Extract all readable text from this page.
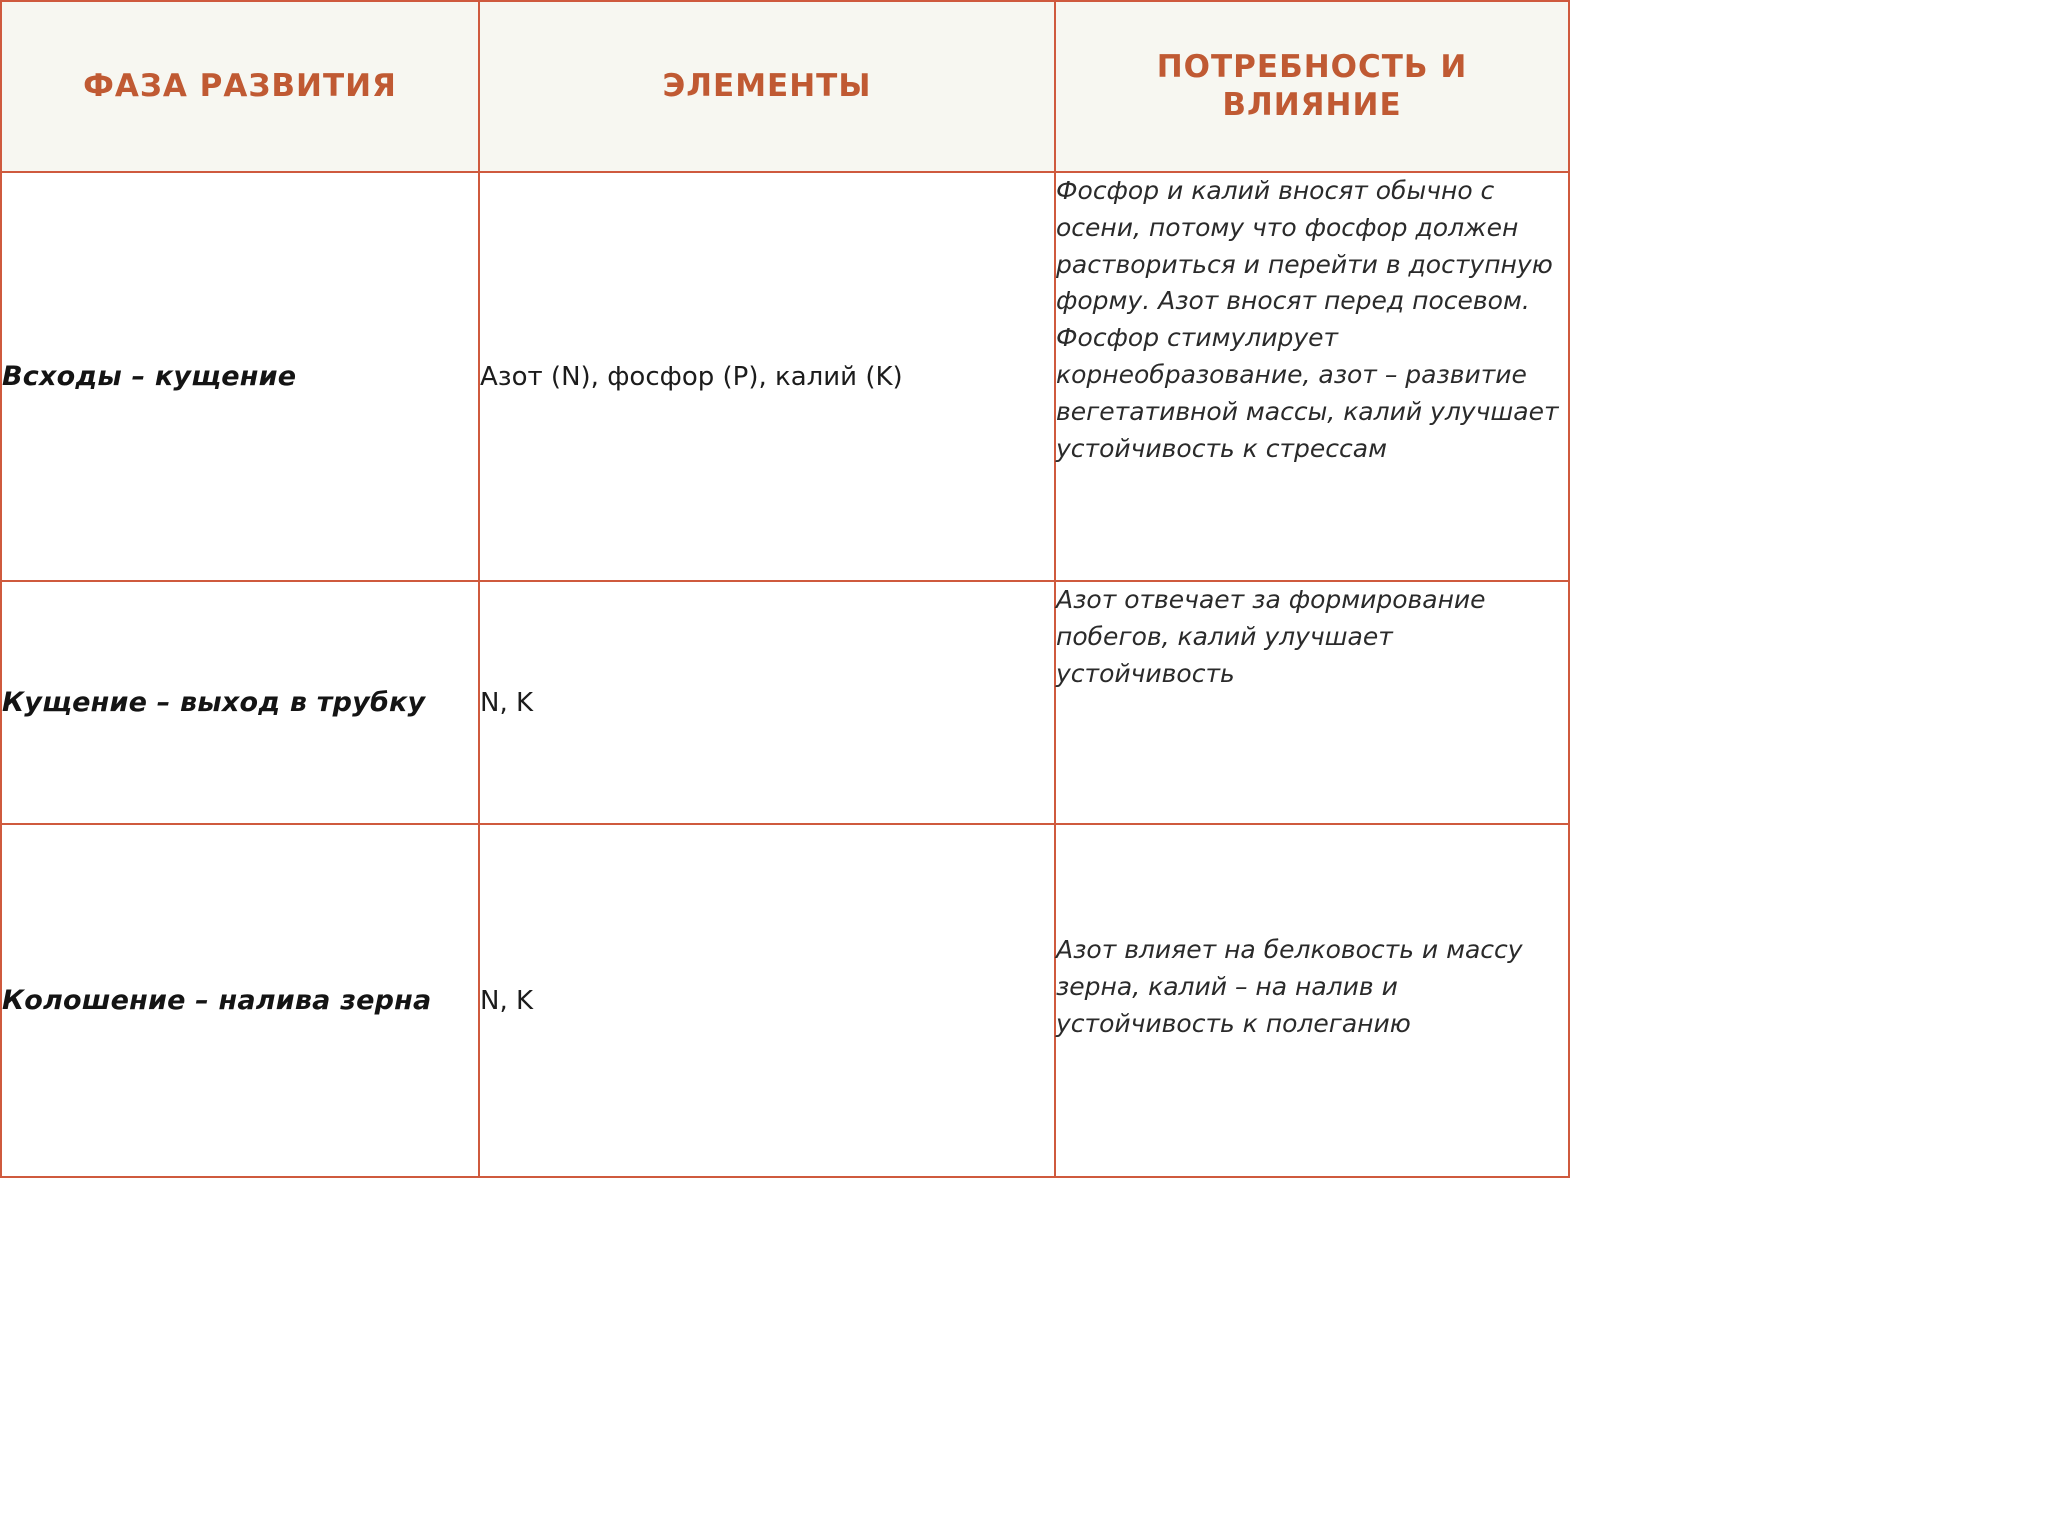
ФАЗА РАЗВИТИЯ	ЭЛЕМЕНТЫ	ПОТРЕБНОСТЬ И ВЛИЯНИЕ
Всходы – кущение	Азот (N), фосфор (P), калий (K)	Фосфор и калий вносят обычно с осени, потому что фосфор должен раствориться и перейти в доступную форму. Азот вносят перед посевом. Фосфор стимулирует корнеобразование, азот – развитие вегетативной массы, калий улучшает устойчивость к стрессам
Кущение – выход в трубку	N, K	Азот отвечает за формирование побегов, калий улучшает устойчивость
Колошение – налива зерна	N, K	Азот влияет на белковость и массу зерна, калий – на налив и устойчивость к полеганию
